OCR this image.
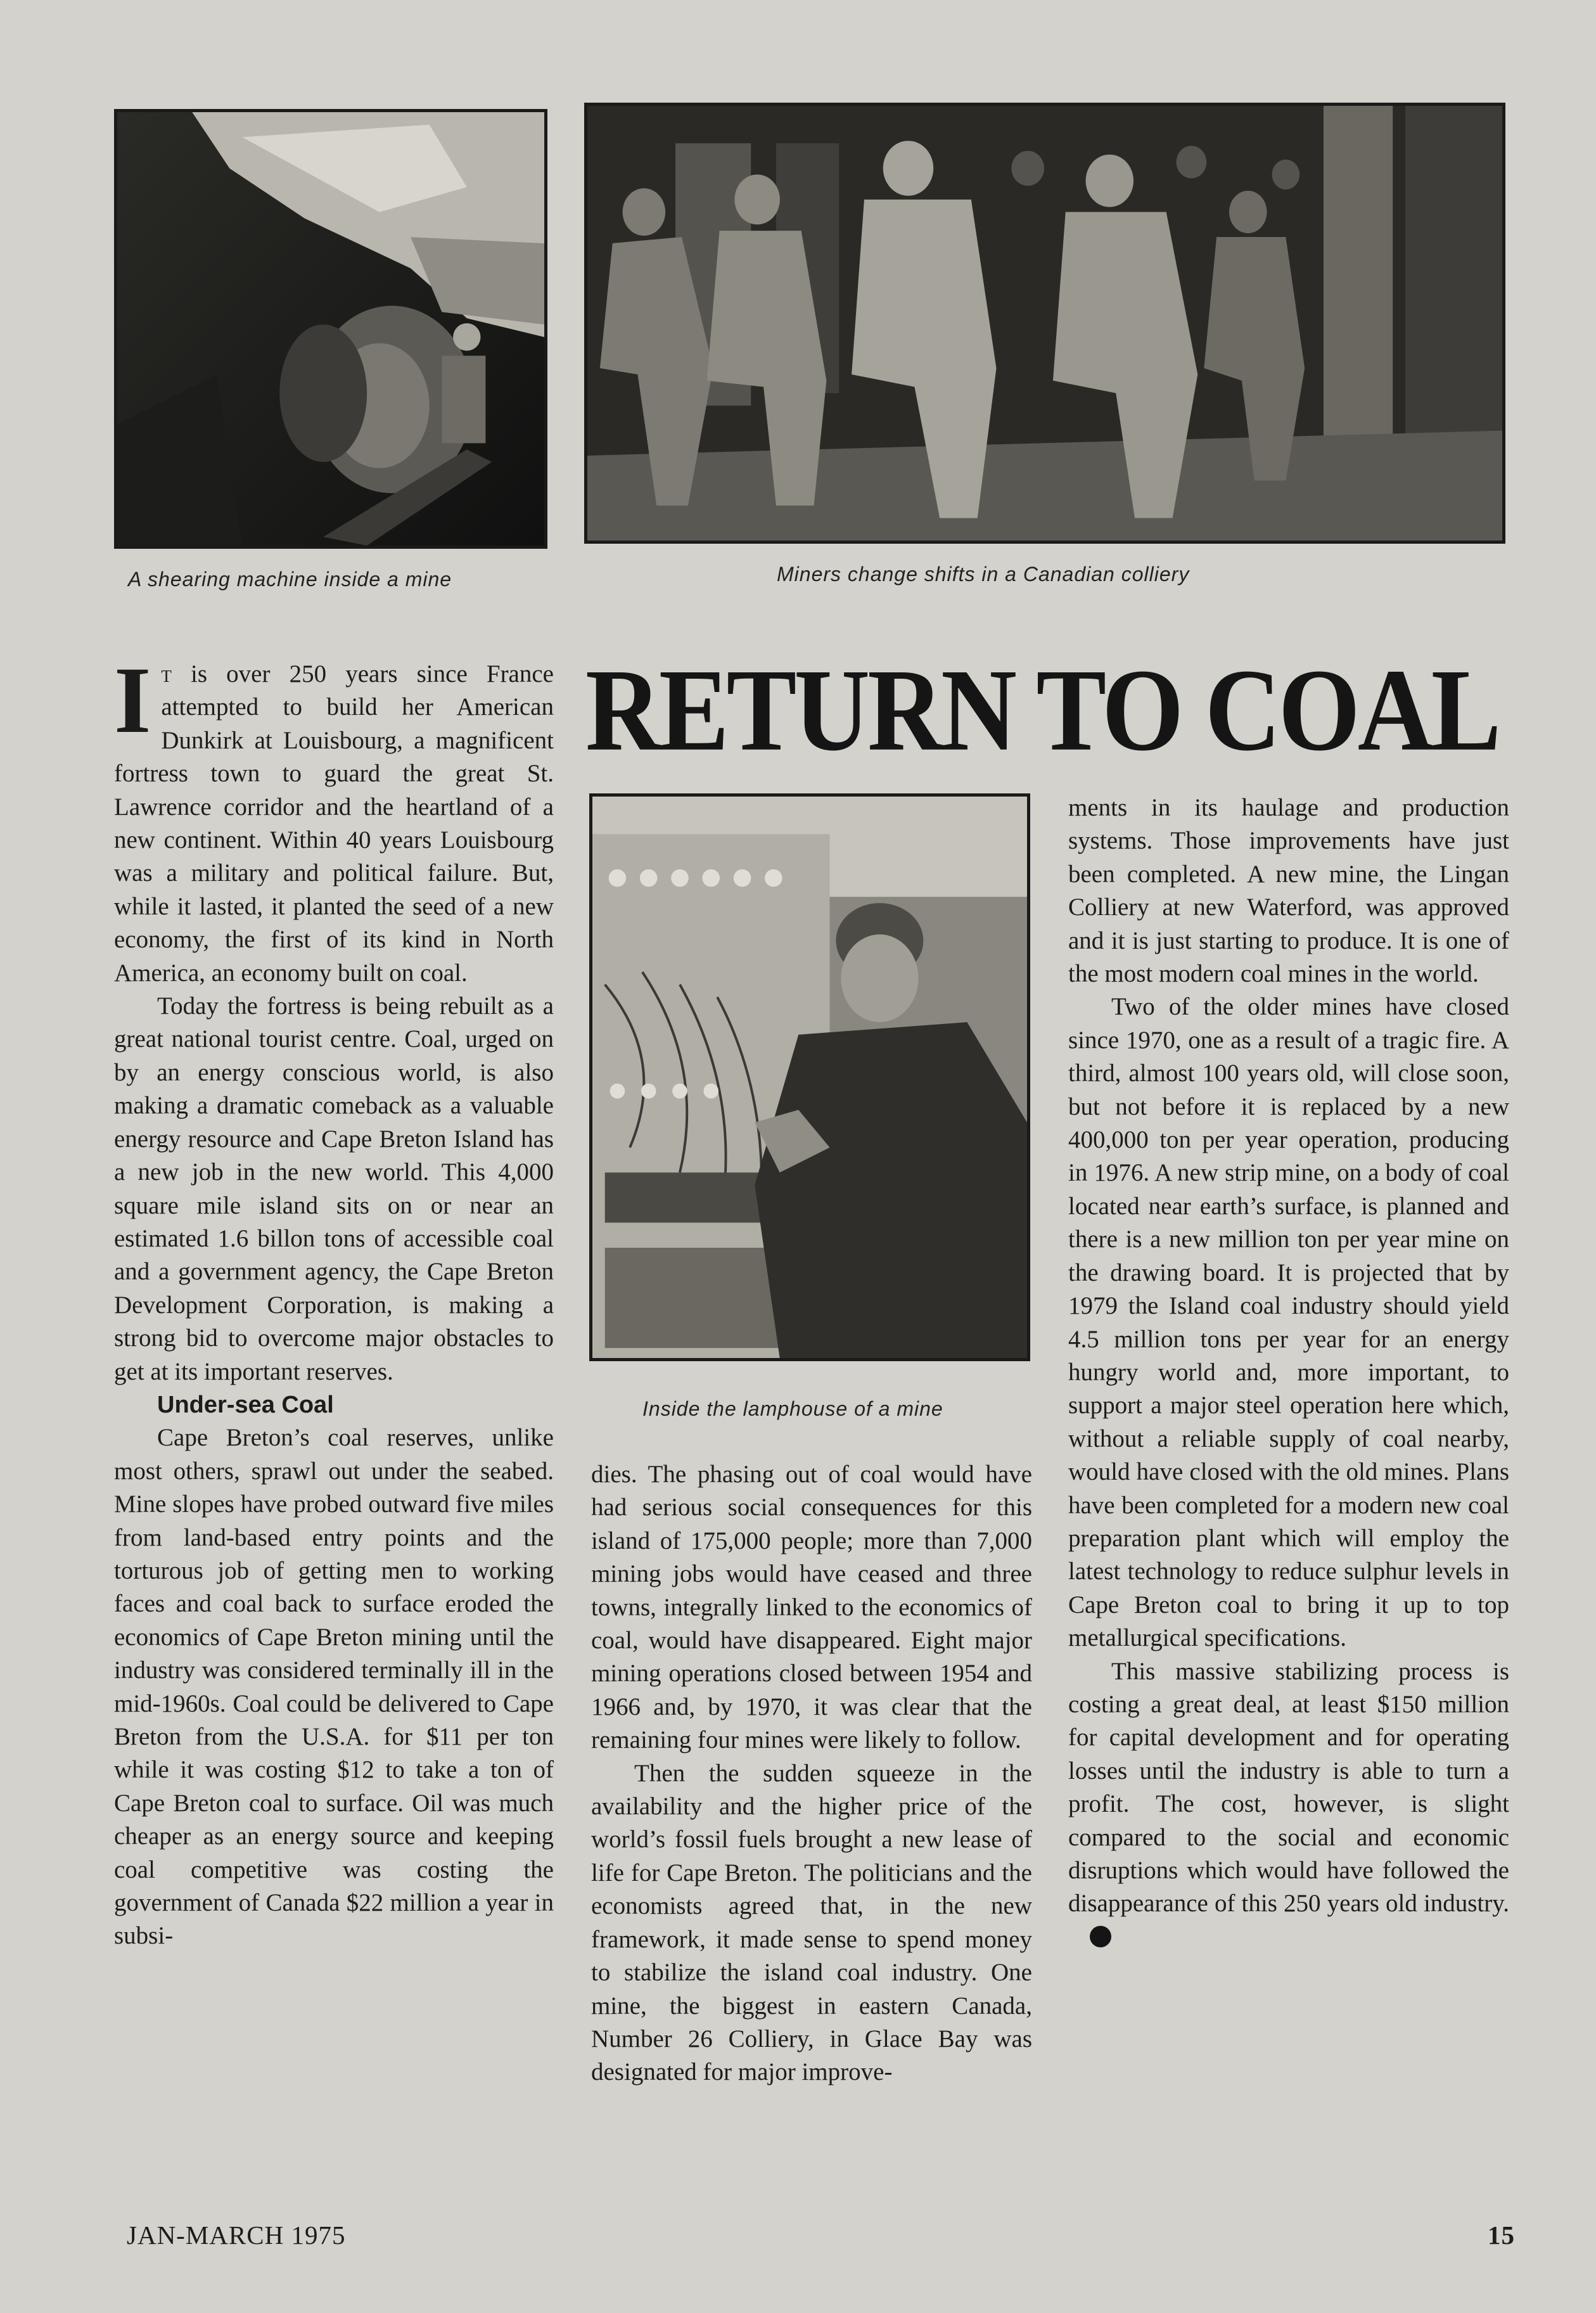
A shearing machine inside a mine	Miners change shifts in a Canadian colliery
RETURN TO COAL
Inside the lamphouse of a mine

It is over 250 years since France attempted to build her American Dunkirk at Louisbourg, a magnificent fortress town to guard the great St. Lawrence corridor and the heartland of a new continent. Within 40 years Louisbourg was a military and political failure. But, while it lasted, it planted the seed of a new economy, the first of its kind in North America, an economy built on coal.

Today the fortress is being rebuilt as a great national tourist centre. Coal, urged on by an energy conscious world, is also making a dramatic comeback as a valuable energy resource and Cape Breton Island has a new job in the new world. This 4,000 square mile island sits on or near an estimated 1.6 billon tons of accessible coal and a government agency, the Cape Breton Development Corporation, is making a strong bid to overcome major obstacles to get at its important reserves.

Under-sea Coal

Cape Breton’s coal reserves, unlike most others, sprawl out under the seabed. Mine slopes have probed outward five miles from land-based entry points and the torturous job of getting men to working faces and coal back to surface eroded the economics of Cape Breton mining until the industry was considered terminally ill in the mid-1960s. Coal could be delivered to Cape Breton from the U.S.A. for $11 per ton while it was costing $12 to take a ton of Cape Breton coal to surface. Oil was much cheaper as an energy source and keeping coal competitive was costing the government of Canada $22 million a year in subsi-

dies. The phasing out of coal would have had serious social consequences for this island of 175,000 people; more than 7,000 mining jobs would have ceased and three towns, integrally linked to the economics of coal, would have disappeared. Eight major mining operations closed between 1954 and 1966 and, by 1970, it was clear that the remaining four mines were likely to follow.

Then the sudden squeeze in the availability and the higher price of the world’s fossil fuels brought a new lease of life for Cape Breton. The politicians and the economists agreed that, in the new framework, it made sense to spend money to stabilize the island coal industry. One mine, the biggest in eastern Canada, Number 26 Colliery, in Glace Bay was designated for major improve-

ments in its haulage and production systems. Those improvements have just been completed. A new mine, the Lingan Colliery at new Waterford, was approved and it is just starting to produce. It is one of the most modern coal mines in the world.

Two of the older mines have closed since 1970, one as a result of a tragic fire. A third, almost 100 years old, will close soon, but not before it is replaced by a new 400,000 ton per year operation, producing in 1976. A new strip mine, on a body of coal located near earth’s surface, is planned and there is a new million ton per year mine on the drawing board. It is projected that by 1979 the Island coal industry should yield 4.5 million tons per year for an energy hungry world and, more important, to support a major steel operation here which, without a reliable supply of coal nearby, would have closed with the old mines. Plans have been completed for a modern new coal preparation plant which will employ the latest technology to reduce sulphur levels in Cape Breton coal to bring it up to top metallurgical specifications.

This massive stabilizing process is costing a great deal, at least $150 million for capital development and for operating losses until the industry is able to turn a profit. The cost, however, is slight compared to the social and economic disruptions which would have followed the disappearance of this 250 years old industry.

JAN-MARCH 1975	15
